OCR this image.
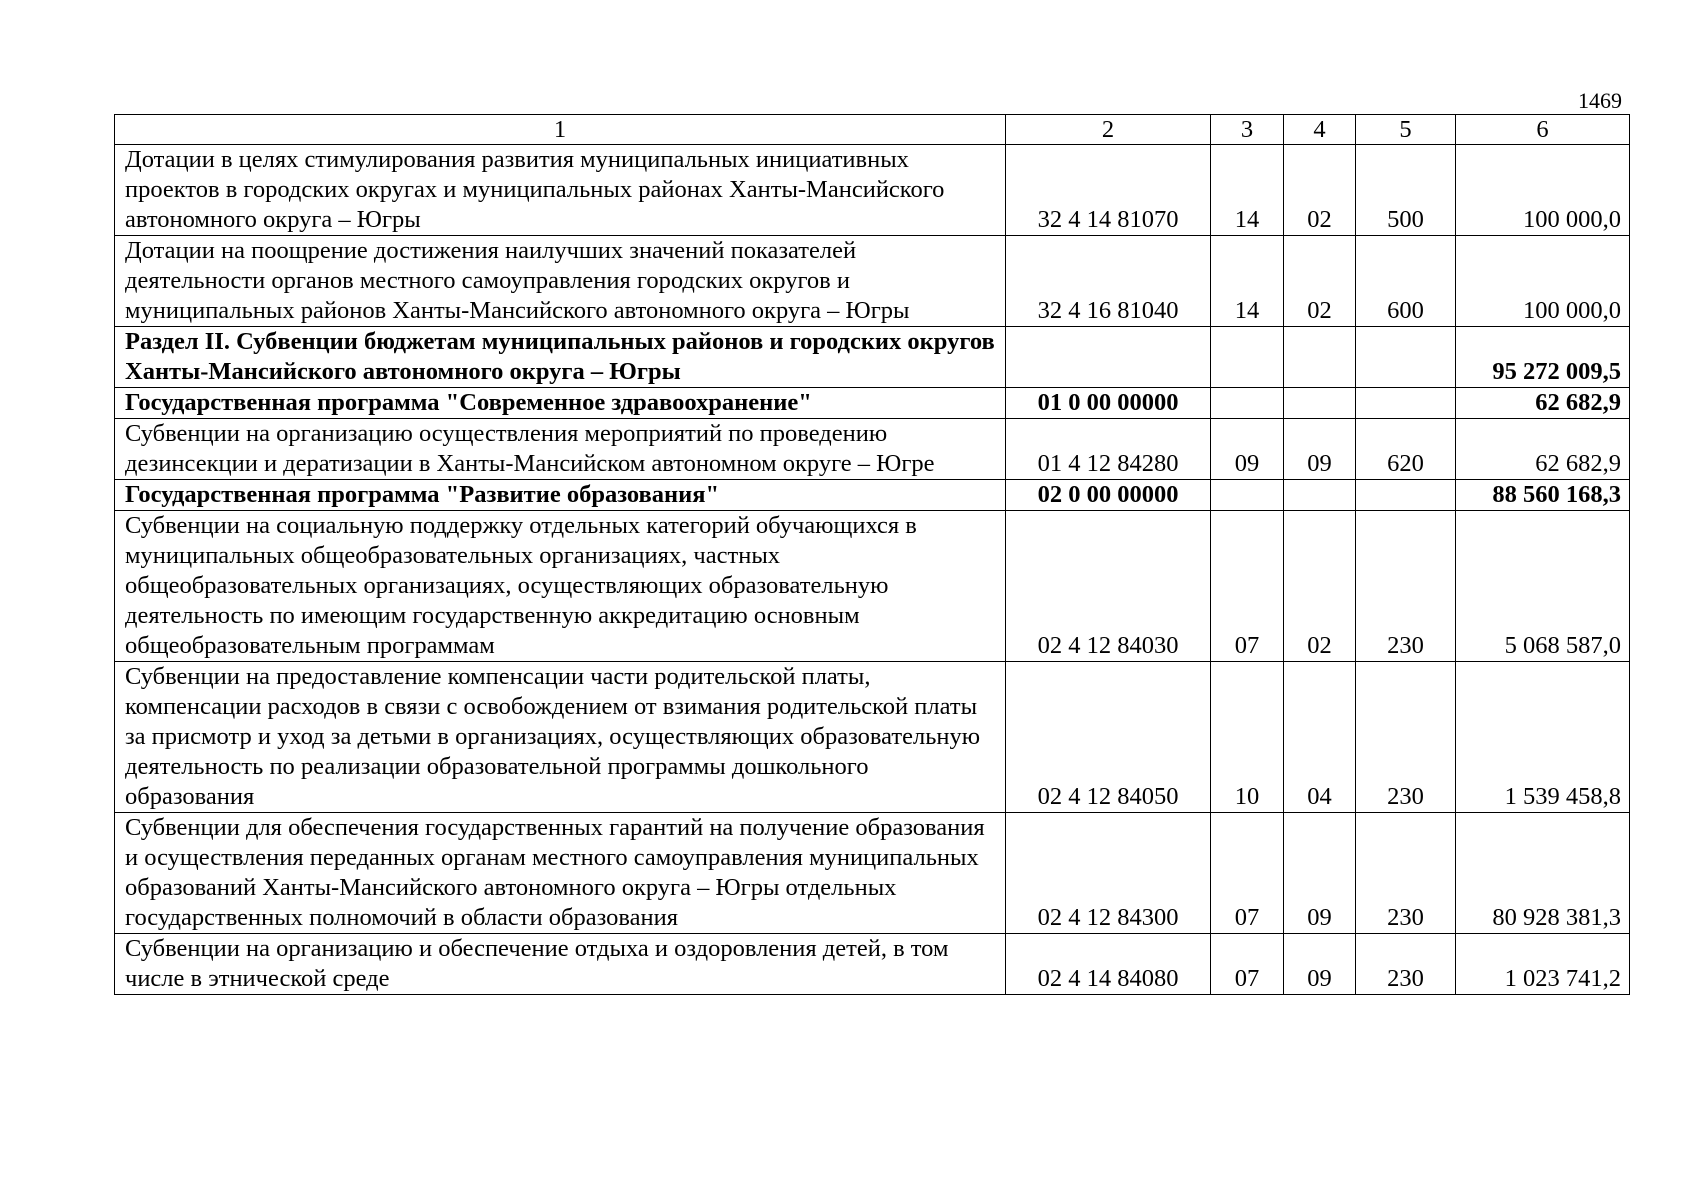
1469
1	2	3	4	5	6
Дотации в целях стимулирования развития муниципальных инициативных проектов в городских округах и муниципальных районах Ханты-Мансийского автономного округа – Югры	32 4 14 81070	14	02	500	100 000,0
Дотации на поощрение достижения наилучших значений показателей деятельности органов местного самоуправления городских округов и муниципальных районов Ханты-Мансийского автономного округа – Югры	32 4 16 81040	14	02	600	100 000,0
Раздел II. Субвенции бюджетам муниципальных районов и городских округов Ханты-Мансийского автономного округа – Югры					95 272 009,5
Государственная программа "Современное здравоохранение"	01 0 00 00000				62 682,9
Субвенции на организацию осуществления мероприятий по проведению дезинсекции и дератизации в Ханты-Мансийском автономном округе – Югре	01 4 12 84280	09	09	620	62 682,9
Государственная программа "Развитие образования"	02 0 00 00000				88 560 168,3
Субвенции на социальную поддержку отдельных категорий обучающихся в муниципальных общеобразовательных организациях, частных общеобразовательных организациях, осуществляющих образовательную деятельность по имеющим государственную аккредитацию основным общеобразовательным программам	02 4 12 84030	07	02	230	5 068 587,0
Субвенции на предоставление компенсации части родительской платы, компенсации расходов в связи с освобождением от взимания родительской платы за присмотр и уход за детьми в организациях, осуществляющих образовательную деятельность по реализации образовательной программы дошкольного образования	02 4 12 84050	10	04	230	1 539 458,8
Субвенции для обеспечения государственных гарантий на получение образования и осуществления переданных органам местного самоуправления муниципальных образований Ханты-Мансийского автономного округа – Югры отдельных государственных полномочий в области образования	02 4 12 84300	07	09	230	80 928 381,3
Субвенции на организацию и обеспечение отдыха и оздоровления детей, в том числе в этнической среде	02 4 14 84080	07	09	230	1 023 741,2
